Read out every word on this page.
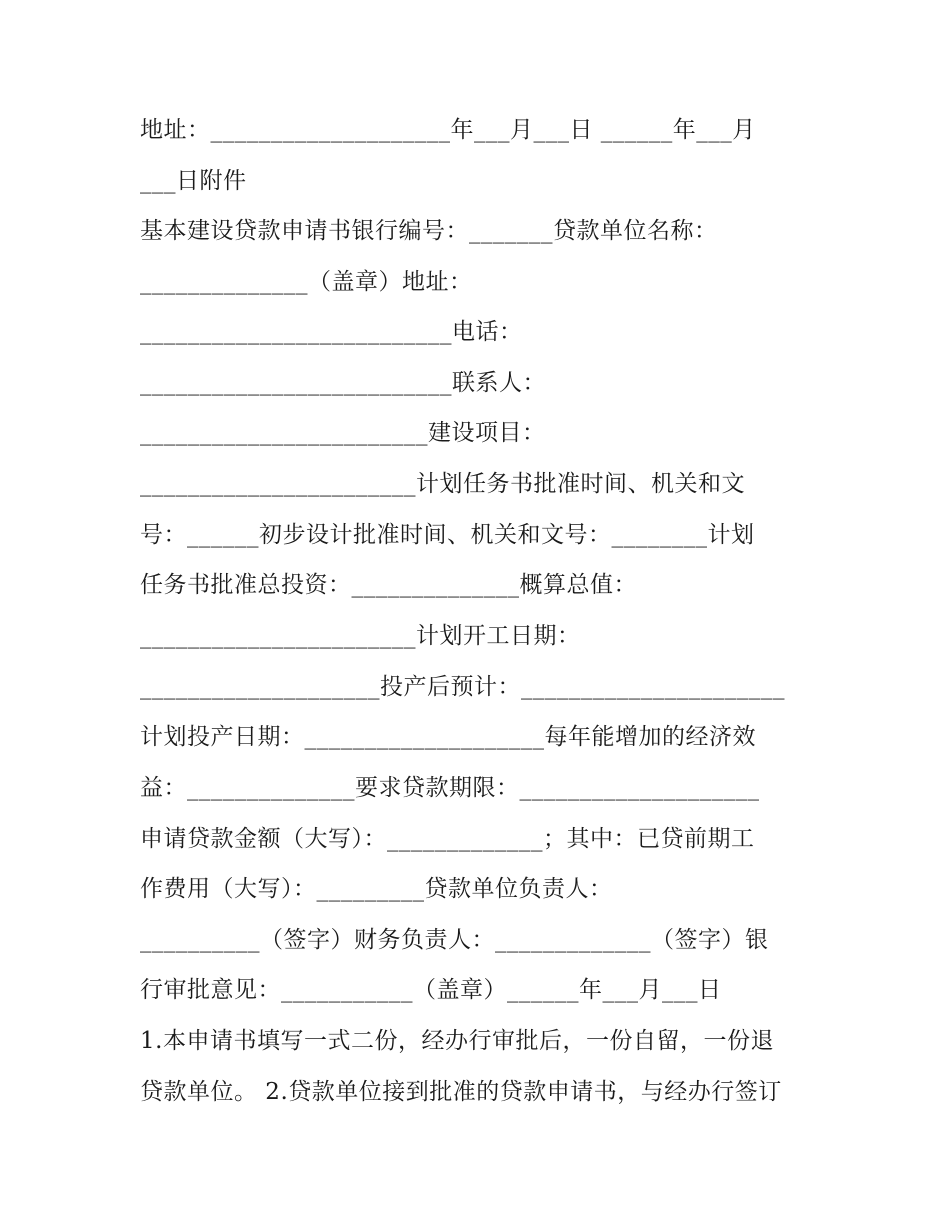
地址：____________________年___月___日 ______年___月
___日附件
基本建设贷款申请书银行编号：_______贷款单位名称：
______________（盖章）地址：
__________________________电话：
__________________________联系人：
________________________建设项目：
_______________________计划任务书批准时间、机关和文
号：______初步设计批准时间、机关和文号：________计划
任务书批准总投资：______________概算总值：
_______________________计划开工日期：
____________________投产后预计：______________________
计划投产日期：____________________每年能增加的经济效
益：______________要求贷款期限：____________________
申请贷款金额（大写）：_____________；其中：已贷前期工
作费用（大写）：_________贷款单位负责人：
__________（签字）财务负责人：_____________（签字）银
行审批意见：___________（盖章）______年___月___日
1.本申请书填写一式二份，经办行审批后，一份自留，一份退
贷款单位。 2.贷款单位接到批准的贷款申请书，与经办行签订
